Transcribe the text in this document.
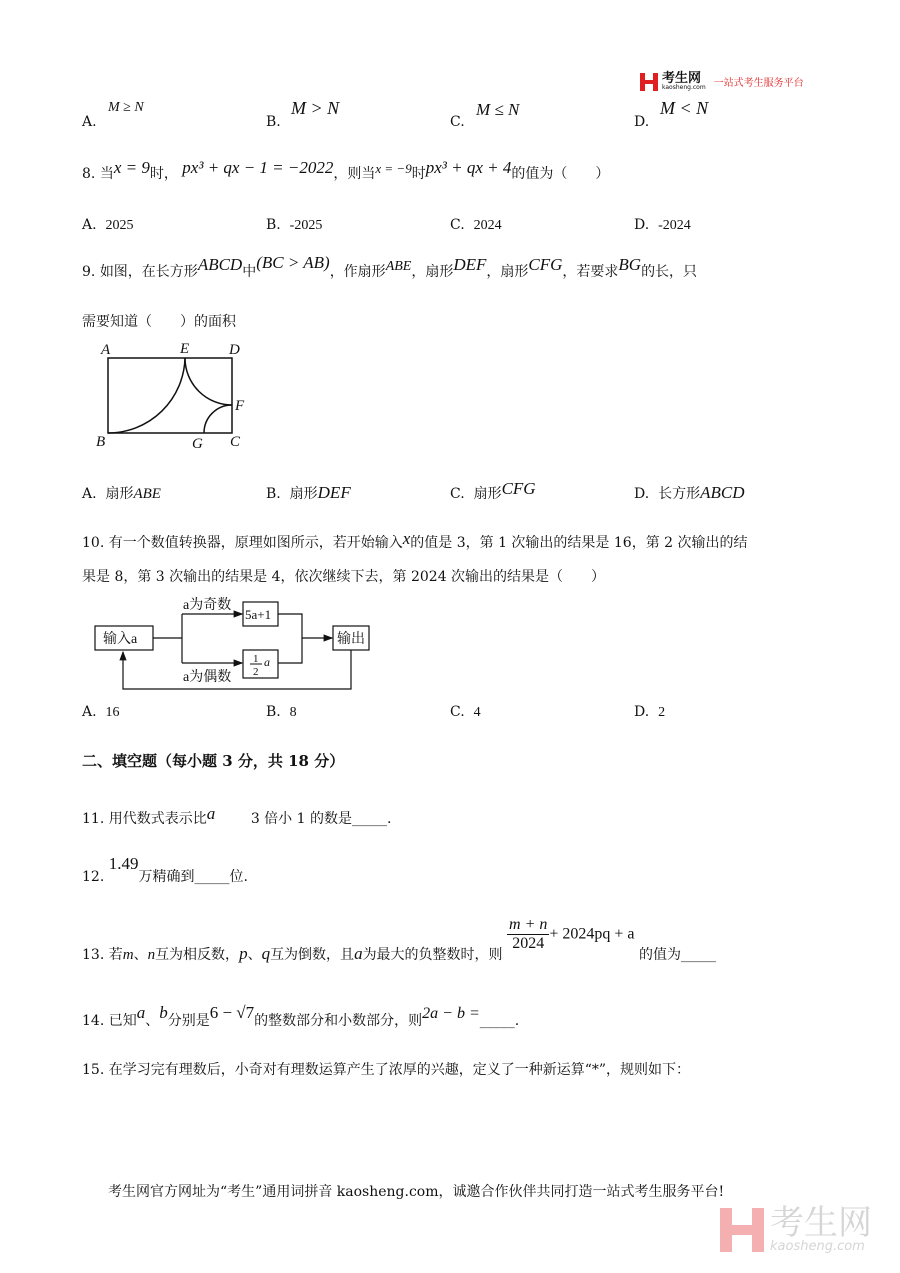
考生网
kaosheng.com 一站式考生服务平台
A.
M ≥ N
B.
M > N
C.
M ≤ N
D.
M < N
8. 当x = 9时， px³ + qx − 1 = −2022，则当x = −9时px³ + qx + 4的值为（　　）
A. 2025	B. -2025	C. 2024	D. -2024
9. 如图，在长方形ABCD中(BC > AB)，作扇形ABE，扇形DEF，扇形CFG，若要求BG的长，只
需要知道（　　）的面积
A	E	D
F
B	G C
A. 扇形ABE	B. 扇形DEF	C. 扇形CFG	D. 长方形ABCD
10. 有一个数值转换器，原理如图所示，若开始输入x的值是 3，第 1 次输出的结果是 16，第 2 次输出的结
果是 8，第 3 次输出的结果是 4，依次继续下去，第 2024 次输出的结果是（　　）
输入a
a为奇数
a为偶数
5a+1
1
2
a
输出
A. 16	B. 8	C. 4	D. 2
二、填空题（每小题 3 分，共 18 分）
11. 用代数式表示比a	3 倍小 1 的数是_____.
12. 1.49万精确到_____位.
13. 若m、n互为相反数，p、q互为倒数，且a为最大的负整数时，则
$\frac{m + n}{2024} + 2024pq + a$ 的值为_____
14. 已知a、b分别是6 − √7的整数部分和小数部分，则2a − b =_____.
15. 在学习完有理数后，小奇对有理数运算产生了浓厚的兴趣，定义了一种新运算“*”，规则如下：
考生网官方网址为“考生”通用词拼音 kaosheng.com，诚邀合作伙伴共同打造一站式考生服务平台!
考生网
kaosheng.com
